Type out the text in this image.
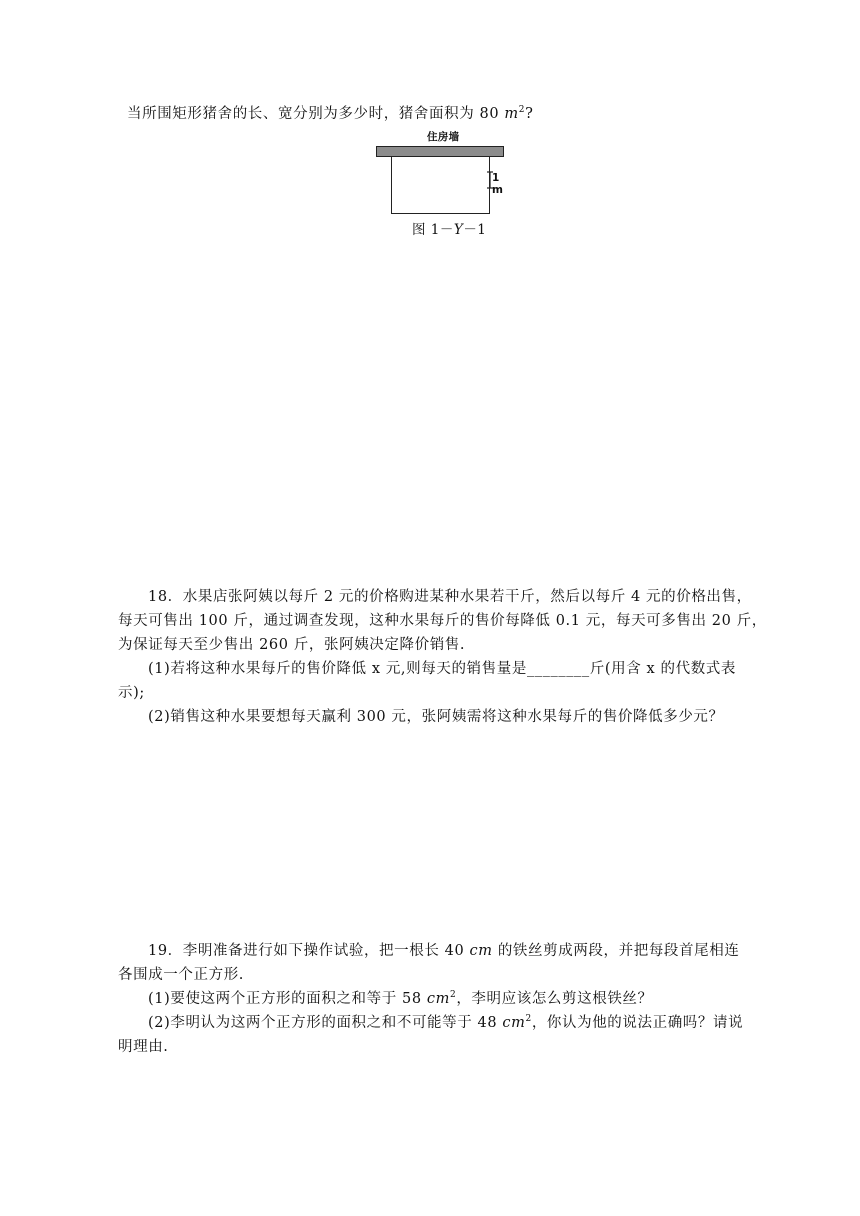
当所围矩形猪舍的长、宽分别为多少时，猪舍面积为 80 $m^2$?
住房墙
1 m
图 1－Y－1
18．水果店张阿姨以每斤 2 元的价格购进某种水果若干斤，然后以每斤 4 元的价格出售，
每天可售出 100 斤，通过调查发现，这种水果每斤的售价每降低 0.1 元，每天可多售出 20 斤，
为保证每天至少售出 260 斤，张阿姨决定降价销售.
(1)若将这种水果每斤的售价降低 x 元,则每天的销售量是________斤(用含 x 的代数式表
示);
(2)销售这种水果要想每天赢利 300 元，张阿姨需将这种水果每斤的售价降低多少元？
19．李明准备进行如下操作试验，把一根长 40 cm 的铁丝剪成两段，并把每段首尾相连
各围成一个正方形.
(1)要使这两个正方形的面积之和等于 58 $cm^2$，李明应该怎么剪这根铁丝？
(2)李明认为这两个正方形的面积之和不可能等于 48 $cm^2$，你认为他的说法正确吗？请说
明理由.
